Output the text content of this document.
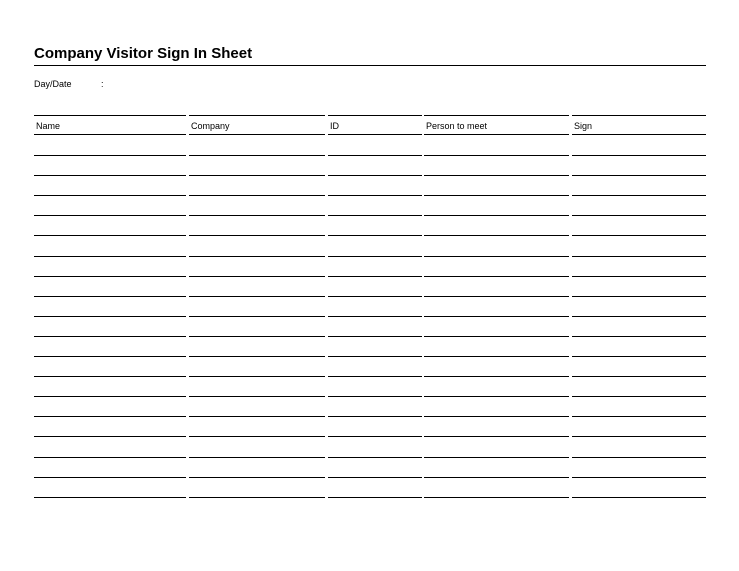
Company Visitor Sign In Sheet
Day/Date	:
Name	Company	ID	Person to meet	Sign
